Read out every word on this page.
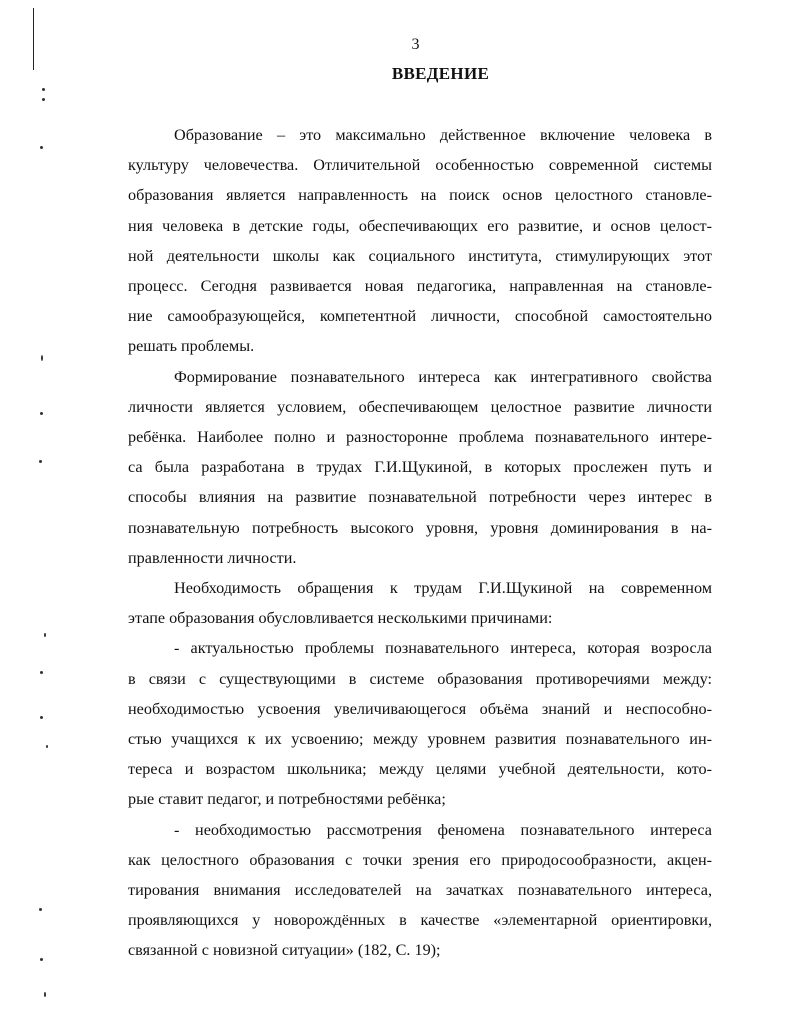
3
ВВЕДЕНИЕ
Образование – это максимально действенное включение человека в
культуру человечества. Отличительной особенностью современной системы
образования является направленность на поиск основ целостного становле-
ния человека в детские годы, обеспечивающих его развитие, и основ целост-
ной деятельности школы как социального института, стимулирующих этот
процесс. Сегодня развивается новая педагогика, направленная на становле-
ние самообразующейся, компетентной личности, способной самостоятельно
решать проблемы.
Формирование познавательного интереса как интегративного свойства
личности является условием, обеспечивающем целостное развитие личности
ребёнка. Наиболее полно и разносторонне проблема познавательного интере-
са была разработана в трудах Г.И.Щукиной, в которых прослежен путь и
способы влияния на развитие познавательной потребности через интерес в
познавательную потребность высокого уровня, уровня доминирования в на-
правленности личности.
Необходимость обращения к трудам Г.И.Щукиной на современном
этапе образования обусловливается несколькими причинами:
- актуальностью проблемы познавательного интереса, которая возросла
в связи с существующими в системе образования противоречиями между:
необходимостью усвоения увеличивающегося объёма знаний и неспособно-
стью учащихся к их усвоению; между уровнем развития познавательного ин-
тереса и возрастом школьника; между целями учебной деятельности, кото-
рые ставит педагог, и потребностями ребёнка;
- необходимостью рассмотрения феномена познавательного интереса
как целостного образования с точки зрения его природосообразности, акцен-
тирования внимания исследователей на зачатках познавательного интереса,
проявляющихся у новорождённых в качестве «элементарной ориентировки,
связанной с новизной ситуации» (182, С. 19);
